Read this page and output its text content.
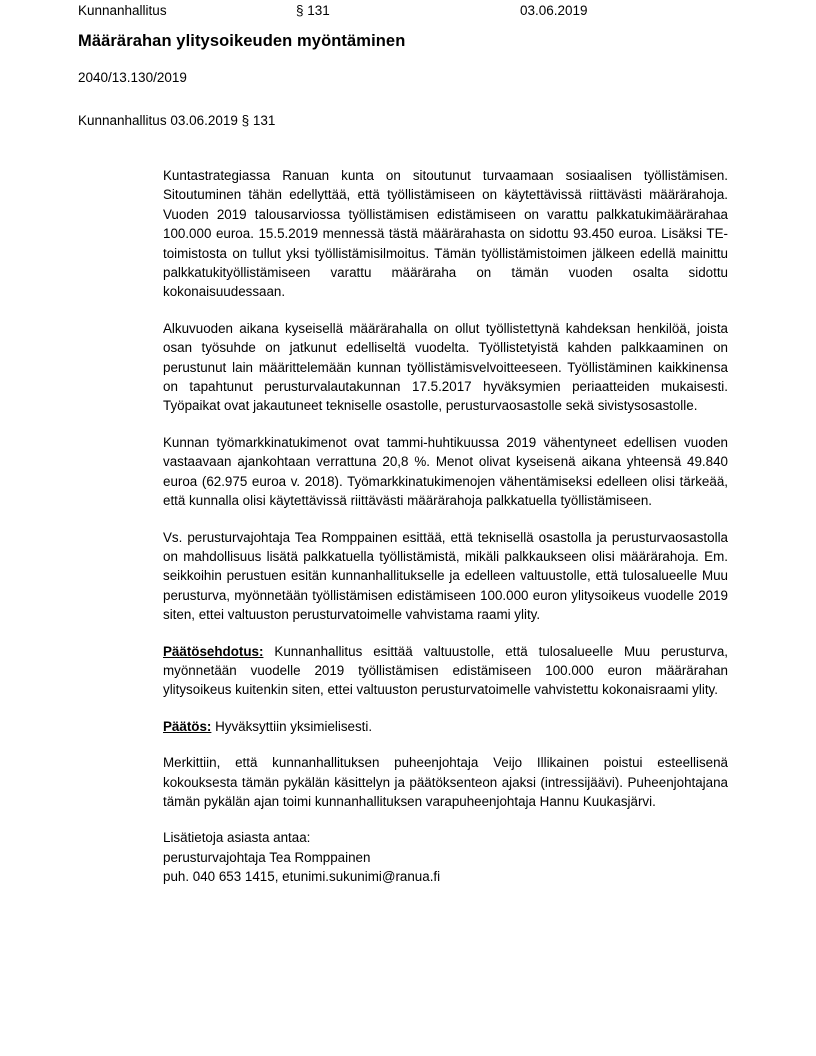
Kunnanhallitus	§ 131	03.06.2019
Määrärahan ylitysoikeuden myöntäminen
2040/13.130/2019
Kunnanhallitus 03.06.2019 § 131

Kuntastrategiassa Ranuan kunta on sitoutunut turvaamaan sosiaalisen työllistämisen. Sitoutuminen tähän edellyttää, että työllistämiseen on käytettävissä riittävästi määrärahoja. Vuoden 2019 talousarviossa työllistämisen edistämiseen on varattu palkkatukimäärärahaa 100.000 euroa. 15.5.2019 mennessä tästä määrärahasta on sidottu 93.450 euroa. Lisäksi TE-toimistosta on tullut yksi työllistämisilmoitus. Tämän työllistämistoimen jälkeen edellä mainittu palkkatukityöllistämiseen varattu määräraha on tämän vuoden osalta sidottu kokonaisuudessaan.

Alkuvuoden aikana kyseisellä määrärahalla on ollut työllistettynä kahdeksan henkilöä, joista osan työsuhde on jatkunut edelliseltä vuodelta. Työllistetyistä kahden palkkaaminen on perustunut lain määrittelemään kunnan työllistämisvelvoitteeseen. Työllistäminen kaikkinensa on tapahtunut perusturvalautakunnan 17.5.2017 hyväksymien periaatteiden mukaisesti. Työpaikat ovat jakautuneet tekniselle osastolle, perusturvaosastolle sekä sivistysosastolle.

Kunnan työmarkkinatukimenot ovat tammi-huhtikuussa 2019 vähentyneet edellisen vuoden vastaavaan ajankohtaan verrattuna 20,8 %. Menot olivat kyseisenä aikana yhteensä 49.840 euroa (62.975 euroa v. 2018). Työmarkkinatukimenojen vähentämiseksi edelleen olisi tärkeää, että kunnalla olisi käytettävissä riittävästi määrärahoja palkkatuella työllistämiseen.

Vs. perusturvajohtaja Tea Romppainen esittää, että teknisellä osastolla ja perusturvaosastolla on mahdollisuus lisätä palkkatuella työllistämistä, mikäli palkkaukseen olisi määrärahoja. Em. seikkoihin perustuen esitän kunnanhallitukselle ja edelleen valtuustolle, että tulosalueelle Muu perusturva, myönnetään työllistämisen edistämiseen 100.000 euron ylitysoikeus vuodelle 2019 siten, ettei valtuuston perusturvatoimelle vahvistama raami ylity.

Päätösehdotus: Kunnanhallitus esittää valtuustolle, että tulosalueelle Muu perusturva, myönnetään vuodelle 2019 työllistämisen edistämiseen 100.000 euron määrärahan ylitysoikeus kuitenkin siten, ettei valtuuston perusturvatoimelle vahvistettu kokonaisraami ylity.

Päätös: Hyväksyttiin yksimielisesti.

Merkittiin, että kunnanhallituksen puheenjohtaja Veijo Illikainen poistui esteellisenä kokouksesta tämän pykälän käsittelyn ja päätöksenteon ajaksi (intressijäävi). Puheenjohtajana tämän pykälän ajan toimi kunnanhallituksen varapuheenjohtaja Hannu Kuukasjärvi.

Lisätietoja asiasta antaa:
perusturvajohtaja Tea Romppainen
puh. 040 653 1415, etunimi.sukunimi@ranua.fi
